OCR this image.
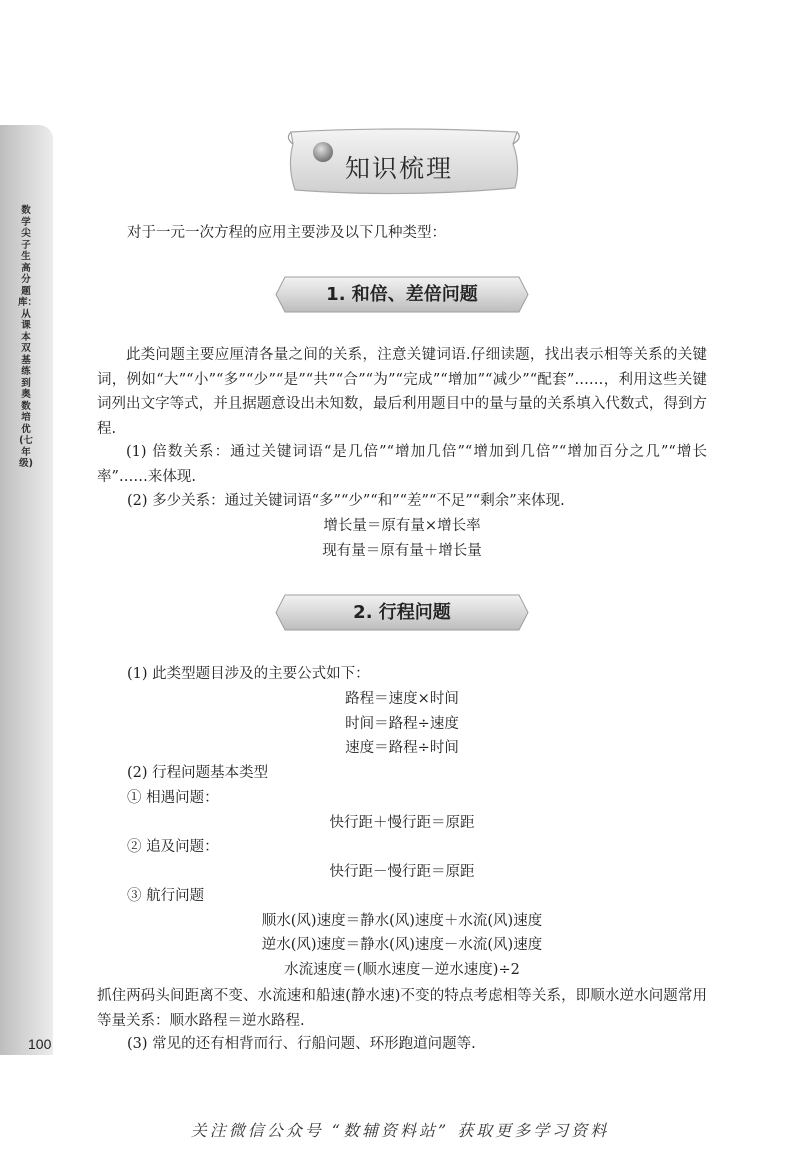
数学尖子生高分题库：从课本双基练到奥数培优(七年级)
100
知识梳理
对于一元一次方程的应用主要涉及以下几种类型：
1. 和倍、差倍问题
此类问题主要应厘清各量之间的关系，注意关键词语.仔细读题，找出表示相等关系的关键词，例如“大”“小”“多”“少”“是”“共”“合”“为”“完成”“增加”“减少”“配套”……，利用这些关键词列出文字等式，并且据题意设出未知数，最后利用题目中的量与量的关系填入代数式，得到方程.
(1) 倍数关系：通过关键词语“是几倍”“增加几倍”“增加到几倍”“增加百分之几”“增长率”……来体现.
(2) 多少关系：通过关键词语“多”“少”“和”“差”“不足”“剩余”来体现.
增长量＝原有量×增长率
现有量＝原有量＋增长量
2. 行程问题
(1) 此类型题目涉及的主要公式如下：
路程＝速度×时间
时间＝路程÷速度
速度＝路程÷时间
(2) 行程问题基本类型
① 相遇问题：
快行距＋慢行距＝原距
② 追及问题：
快行距－慢行距＝原距
③ 航行问题
顺水(风)速度＝静水(风)速度＋水流(风)速度
逆水(风)速度＝静水(风)速度－水流(风)速度
水流速度＝(顺水速度－逆水速度)÷2
抓住两码头间距离不变、水流速和船速(静水速)不变的特点考虑相等关系，即顺水逆水问题常用等量关系：顺水路程＝逆水路程.
(3) 常见的还有相背而行、行船问题、环形跑道问题等.
关注微信公众号 “数辅资料站” 获取更多学习资料
